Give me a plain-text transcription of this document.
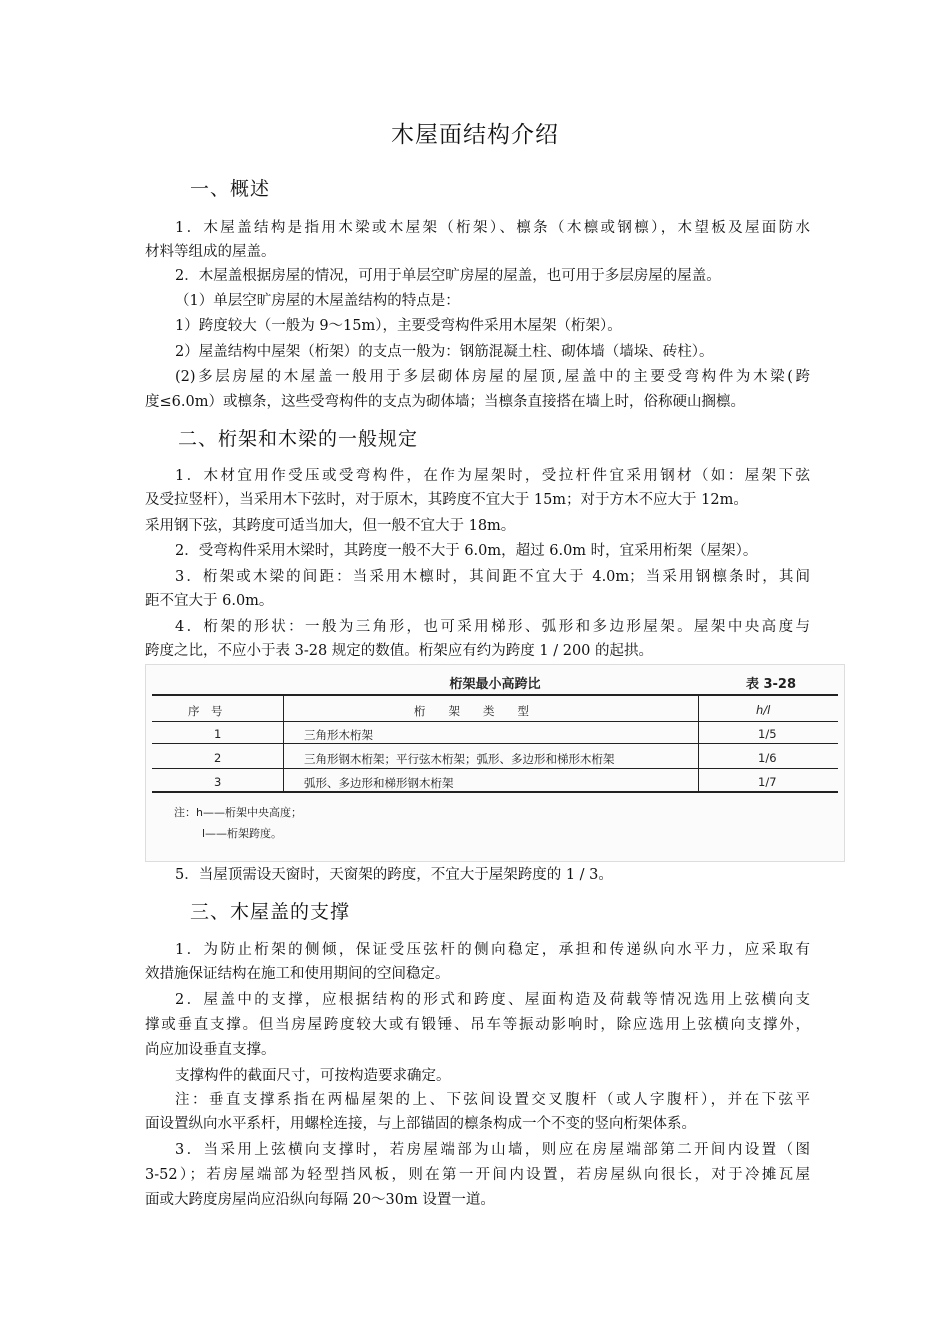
木屋面结构介绍
一、概述
1．木屋盖结构是指用木梁或木屋架（桁架）、檩条（木檩或钢檩），木望板及屋面防水
材料等组成的屋盖。
2．木屋盖根据房屋的情况，可用于单层空旷房屋的屋盖，也可用于多层房屋的屋盖。
（1）单层空旷房屋的木屋盖结构的特点是：
1）跨度较大（一般为 9～15m），主要受弯构件采用木屋架（桁架）。
2）屋盖结构中屋架（桁架）的支点一般为：钢筋混凝土柱、砌体墙（墙垛、砖柱）。
(2)多层房屋的木屋盖一般用于多层砌体房屋的屋顶,屋盖中的主要受弯构件为木梁(跨
度≤6.0m）或檩条，这些受弯构件的支点为砌体墙；当檩条直接搭在墙上时，俗称硬山搁檩。
二、桁架和木梁的一般规定
1．木材宜用作受压或受弯构件，在作为屋架时，受拉杆件宜采用钢材（如：屋架下弦
及受拉竖杆），当采用木下弦时，对于原木，其跨度不宜大于 15m；对于方木不应大于 12m。
采用钢下弦，其跨度可适当加大，但一般不宜大于 18m。
2．受弯构件采用木梁时，其跨度一般不大于 6.0m，超过 6.0m 时，宜采用桁架（屋架）。
3．桁架或木梁的间距：当采用木檩时，其间距不宜大于 4.0m；当采用钢檩条时，其间
距不宜大于 6.0m。
4．桁架的形状：一般为三角形，也可采用梯形、弧形和多边形屋架。屋架中央高度与
跨度之比，不应小于表 3-28 规定的数值。桁架应有约为跨度 1 / 200 的起拱。
桁架最小高跨比	表 3-28
序　号	桁　　架　　类　　型	h/l
1	三角形木桁架	1/5
2	三角形钢木桁架；平行弦木桁架；弧形、多边形和梯形木桁架	1/6
3	弧形、多边形和梯形钢木桁架	1/7
注：h——桁架中央高度；
l——桁架跨度。
5．当屋顶需设天窗时，天窗架的跨度，不宜大于屋架跨度的 1 / 3。
三、木屋盖的支撑
1．为防止桁架的侧倾，保证受压弦杆的侧向稳定，承担和传递纵向水平力，应采取有
效措施保证结构在施工和使用期间的空间稳定。
2．屋盖中的支撑，应根据结构的形式和跨度、屋面构造及荷载等情况选用上弦横向支
撑或垂直支撑。但当房屋跨度较大或有锻锤、吊车等振动影响时，除应选用上弦横向支撑外，
尚应加设垂直支撑。
支撑构件的截面尺寸，可按构造要求确定。
注：垂直支撑系指在两榀屋架的上、下弦间设置交叉腹杆（或人字腹杆），并在下弦平
面设置纵向水平系杆，用螺栓连接，与上部锚固的檩条构成一个不变的竖向桁架体系。
3．当采用上弦横向支撑时，若房屋端部为山墙，则应在房屋端部第二开间内设置（图
3-52）；若房屋端部为轻型挡风板，则在第一开间内设置，若房屋纵向很长，对于冷摊瓦屋
面或大跨度房屋尚应沿纵向每隔 20～30m 设置一道。
